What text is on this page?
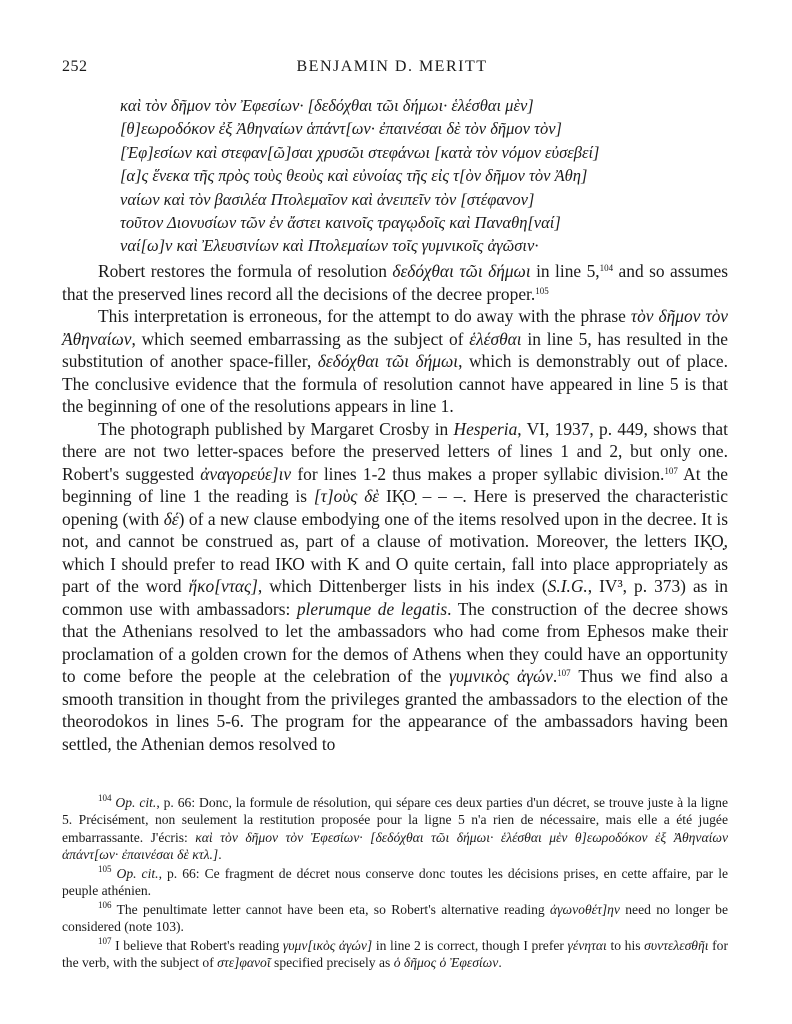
252	BENJAMIN D. MERITT
καὶ τὸν δῆμον τὸν Ἐφεσίων· [δεδόχθαι τῶι δήμωι· ἑλέσθαι μὲν]
[θ]εωροδόκον ἐξ Ἀθηναίων ἁπάντ[ων· ἐπαινέσαι δὲ τὸν δῆμον τὸν]
[Ἐφ]εσίων καὶ στεφαν[ῶ]σαι χρυσῶι στεφάνωι [κατὰ τὸν νόμον εὐσεβεί]
[α]ς ἕνεκα τῆς πρὸς τοὺς θεοὺς καὶ εὐνοίας τῆς εἰς τ[ὸν δῆμον τὸν Ἀθη]
ναίων καὶ τὸν βασιλέα Πτολεμαῖον καὶ ἀνειπεῖν τὸν [στέφανον]
τοῦτον Διονυσίων τῶν ἐν ἄστει καινοῖς τραγῳδοῖς καὶ Παναθη[ναί]
ναί[ω]ν καὶ Ἐλευσινίων καὶ Πτολεμαίων τοῖς γυμνικοῖς ἀγῶσιν·

Robert restores the formula of resolution δεδόχθαι τῶι δήμωι in line 5,$^{104}$ and so assumes that the preserved lines record all the decisions of the decree proper.$^{105}$

This interpretation is erroneous, for the attempt to do away with the phrase τὸν δῆμον τὸν Ἀθηναίων, which seemed embarrassing as the subject of ἑλέσθαι in line 5, has resulted in the substitution of another space-filler, δεδόχθαι τῶι δήμωι, which is demonstrably out of place. The conclusive evidence that the formula of resolution cannot have appeared in line 5 is that the beginning of one of the resolutions appears in line 1.

The photograph published by Margaret Crosby in Hesperia, VI, 1937, p. 449, shows that there are not two letter-spaces before the preserved letters of lines 1 and 2, but only one. Robert's suggested ἀναγορεύε]ιν for lines 1-2 thus makes a proper syllabic division.$^{107}$ At the beginning of line 1 the reading is [τ]οὺς δὲ ΙΚ̣Ο̣ – – –. Here is preserved the characteristic opening (with δέ) of a new clause embodying one of the items resolved upon in the decree. It is not, and cannot be construed as, part of a clause of motivation. Moreover, the letters ΙΚ̣Ο̣, which I should prefer to read ΙΚΟ with Κ and Ο quite certain, fall into place appropriately as part of the word ἥκο[ντας], which Dittenberger lists in his index (S.I.G., IV³, p. 373) as in common use with ambassadors: plerumque de legatis. The construction of the decree shows that the Athenians resolved to let the ambassadors who had come from Ephesos make their proclamation of a golden crown for the demos of Athens when they could have an opportunity to come before the people at the celebration of the γυμνικὸς ἀγών.$^{107}$ Thus we find also a smooth transition in thought from the privileges granted the ambassadors to the election of the theorodokos in lines 5-6. The program for the appearance of the ambassadors having been settled, the Athenian demos resolved to

$^{104}$ Op. cit., p. 66: Donc, la formule de résolution, qui sépare ces deux parties d'un décret, se trouve juste à la ligne 5. Précisément, non seulement la restitution proposée pour la ligne 5 n'a rien de nécessaire, mais elle a été jugée embarrassante. J'écris: καὶ τὸν δῆμον τὸν Ἐφεσίων· [δεδόχθαι τῶι δήμωι· ἑλέσθαι μὲν θ]εωροδόκον ἐξ Ἀθηναίων ἁπάντ[ων· ἐπαινέσαι δὲ κτλ.].

$^{105}$ Op. cit., p. 66: Ce fragment de décret nous conserve donc toutes les décisions prises, en cette affaire, par le peuple athénien.

$^{106}$ The penultimate letter cannot have been eta, so Robert's alternative reading ἀγωνοθέτ]ην need no longer be considered (note 103).

$^{107}$ I believe that Robert's reading γυμν[ικὸς ἀγών] in line 2 is correct, though I prefer γένηται to his συντελεσθῆι for the verb, with the subject of στε]φανοῖ specified precisely as ὁ δῆμος ὁ Ἐφεσίων.
